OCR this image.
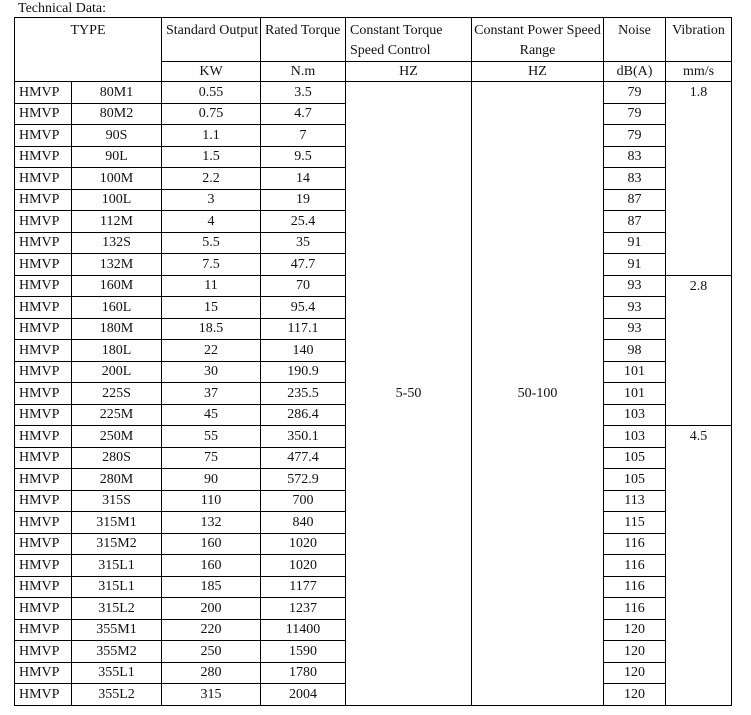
Technical Data:
TYPE		Standard Output	Rated Torque	Constant Torque Speed Control	Constant Power Speed Range	Noise	Vibration
		KW	N.m	HZ	HZ	dB(A)	mm/s
HMVP	80M1	0.55	3.5	5-50	50-100	79	1.8
HMVP	80M2	0.75	4.7			79	
HMVP	90S	1.1	7			79	
HMVP	90L	1.5	9.5			83	
HMVP	100M	2.2	14			83	
HMVP	100L	3	19			87	
HMVP	112M	4	25.4			87	
HMVP	132S	5.5	35			91	
HMVP	132M	7.5	47.7			91	
HMVP	160M	11	70			93	2.8
HMVP	160L	15	95.4			93	
HMVP	180M	18.5	117.1			93	
HMVP	180L	22	140			98	
HMVP	200L	30	190.9			101	
HMVP	225S	37	235.5			101	
HMVP	225M	45	286.4			103	
HMVP	250M	55	350.1			103	4.5
HMVP	280S	75	477.4			105	
HMVP	280M	90	572.9			105	
HMVP	315S	110	700			113	
HMVP	315M1	132	840			115	
HMVP	315M2	160	1020			116	
HMVP	315L1	160	1020			116	
HMVP	315L1	185	1177			116	
HMVP	315L2	200	1237			116	
HMVP	355M1	220	11400			120	
HMVP	355M2	250	1590			120	
HMVP	355L1	280	1780			120	
HMVP	355L2	315	2004			120	
